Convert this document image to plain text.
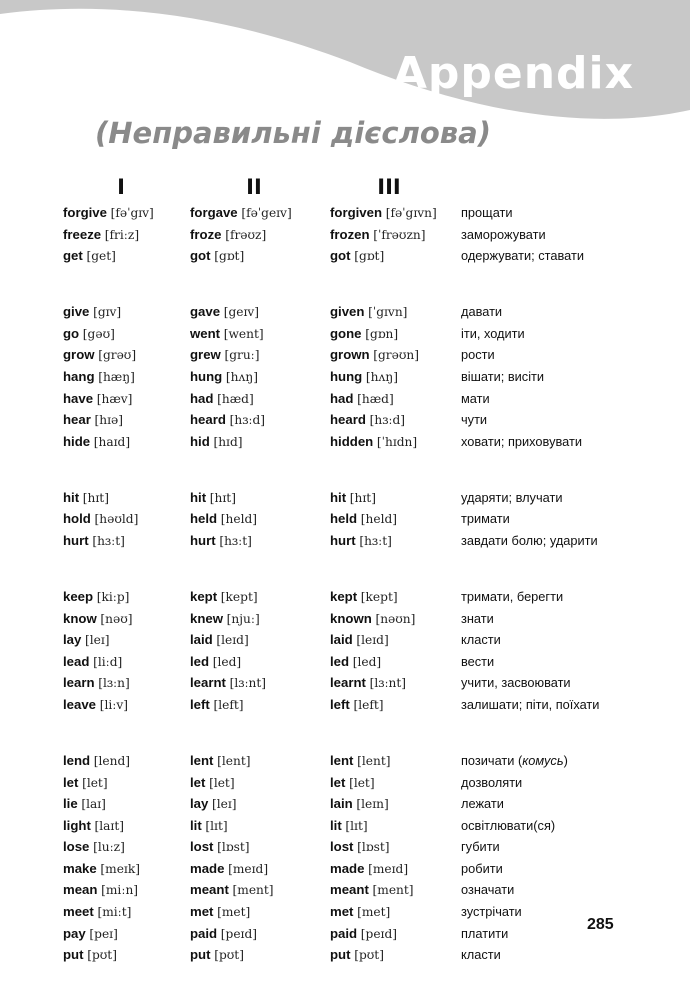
Appendix
(Неправильні дієслова)
I	II	III
forgive [fəˈgɪv]	forgave [fəˈgeɪv]	forgiven [fəˈgɪvn] прощати
freeze [friːz]	froze [frəʊz]	frozen [ˈfrəʊzn]	заморожувати
get [get]	got [gɒt]	got [gɒt]	одержувати; ставати
give [gɪv]	gave [geɪv]	given [ˈgɪvn]	давати
go [gəʊ]	went [went]	gone [gɒn]	іти, ходити
grow [grəʊ]	grew [gruː]	grown [grəʊn]	рости
hang [hæŋ]	hung [hʌŋ]	hung [hʌŋ]	вішати; висіти
have [hæv]	had [hæd]	had [hæd]	мати
hear [hɪə]	heard [hɜːd]	heard [hɜːd]	чути
hide [haɪd]	hid [hɪd]	hidden [ˈhɪdn]	ховати; приховувати
hit [hɪt]	hit [hɪt]	hit [hɪt]	ударяти; влучати
hold [həʊld]	held [held]	held [held]	тримати
hurt [hɜːt]	hurt [hɜːt]	hurt [hɜːt]	завдати болю; ударити
keep [kiːp]	kept [kept]	kept [kept]	тримати, берегти
know [nəʊ]	knew [njuː]	known [nəʊn]	знати
lay [leɪ]	laid [leɪd]	laid [leɪd]	класти
lead [liːd]	led [led]	led [led]	вести
learn [lɜːn]	learnt [lɜːnt]	learnt [lɜːnt]	учити, засвоювати
leave [liːv]	left [left]	left [left]	залишати; піти, поїхати
lend [lend]	lent [lent]	lent [lent]	позичати (комусь)
let [let]	let [let]	let [let]	дозволяти
lie [laɪ]	lay [leɪ]	lain [leɪn]	лежати
light [laɪt]	lit [lɪt]	lit [lɪt]	освітлювати(ся)
lose [luːz]	lost [lɒst]	lost [lɒst]	губити
make [meɪk]	made [meɪd]	made [meɪd]	робити
mean [miːn]	meant [ment]	meant [ment]	означати
meet [miːt]	met [met]	met [met]	зустрічати
pay [peɪ]	paid [peɪd]	paid [peɪd]	платити
put [pʊt]	put [pʊt]	put [pʊt]	класти
285
